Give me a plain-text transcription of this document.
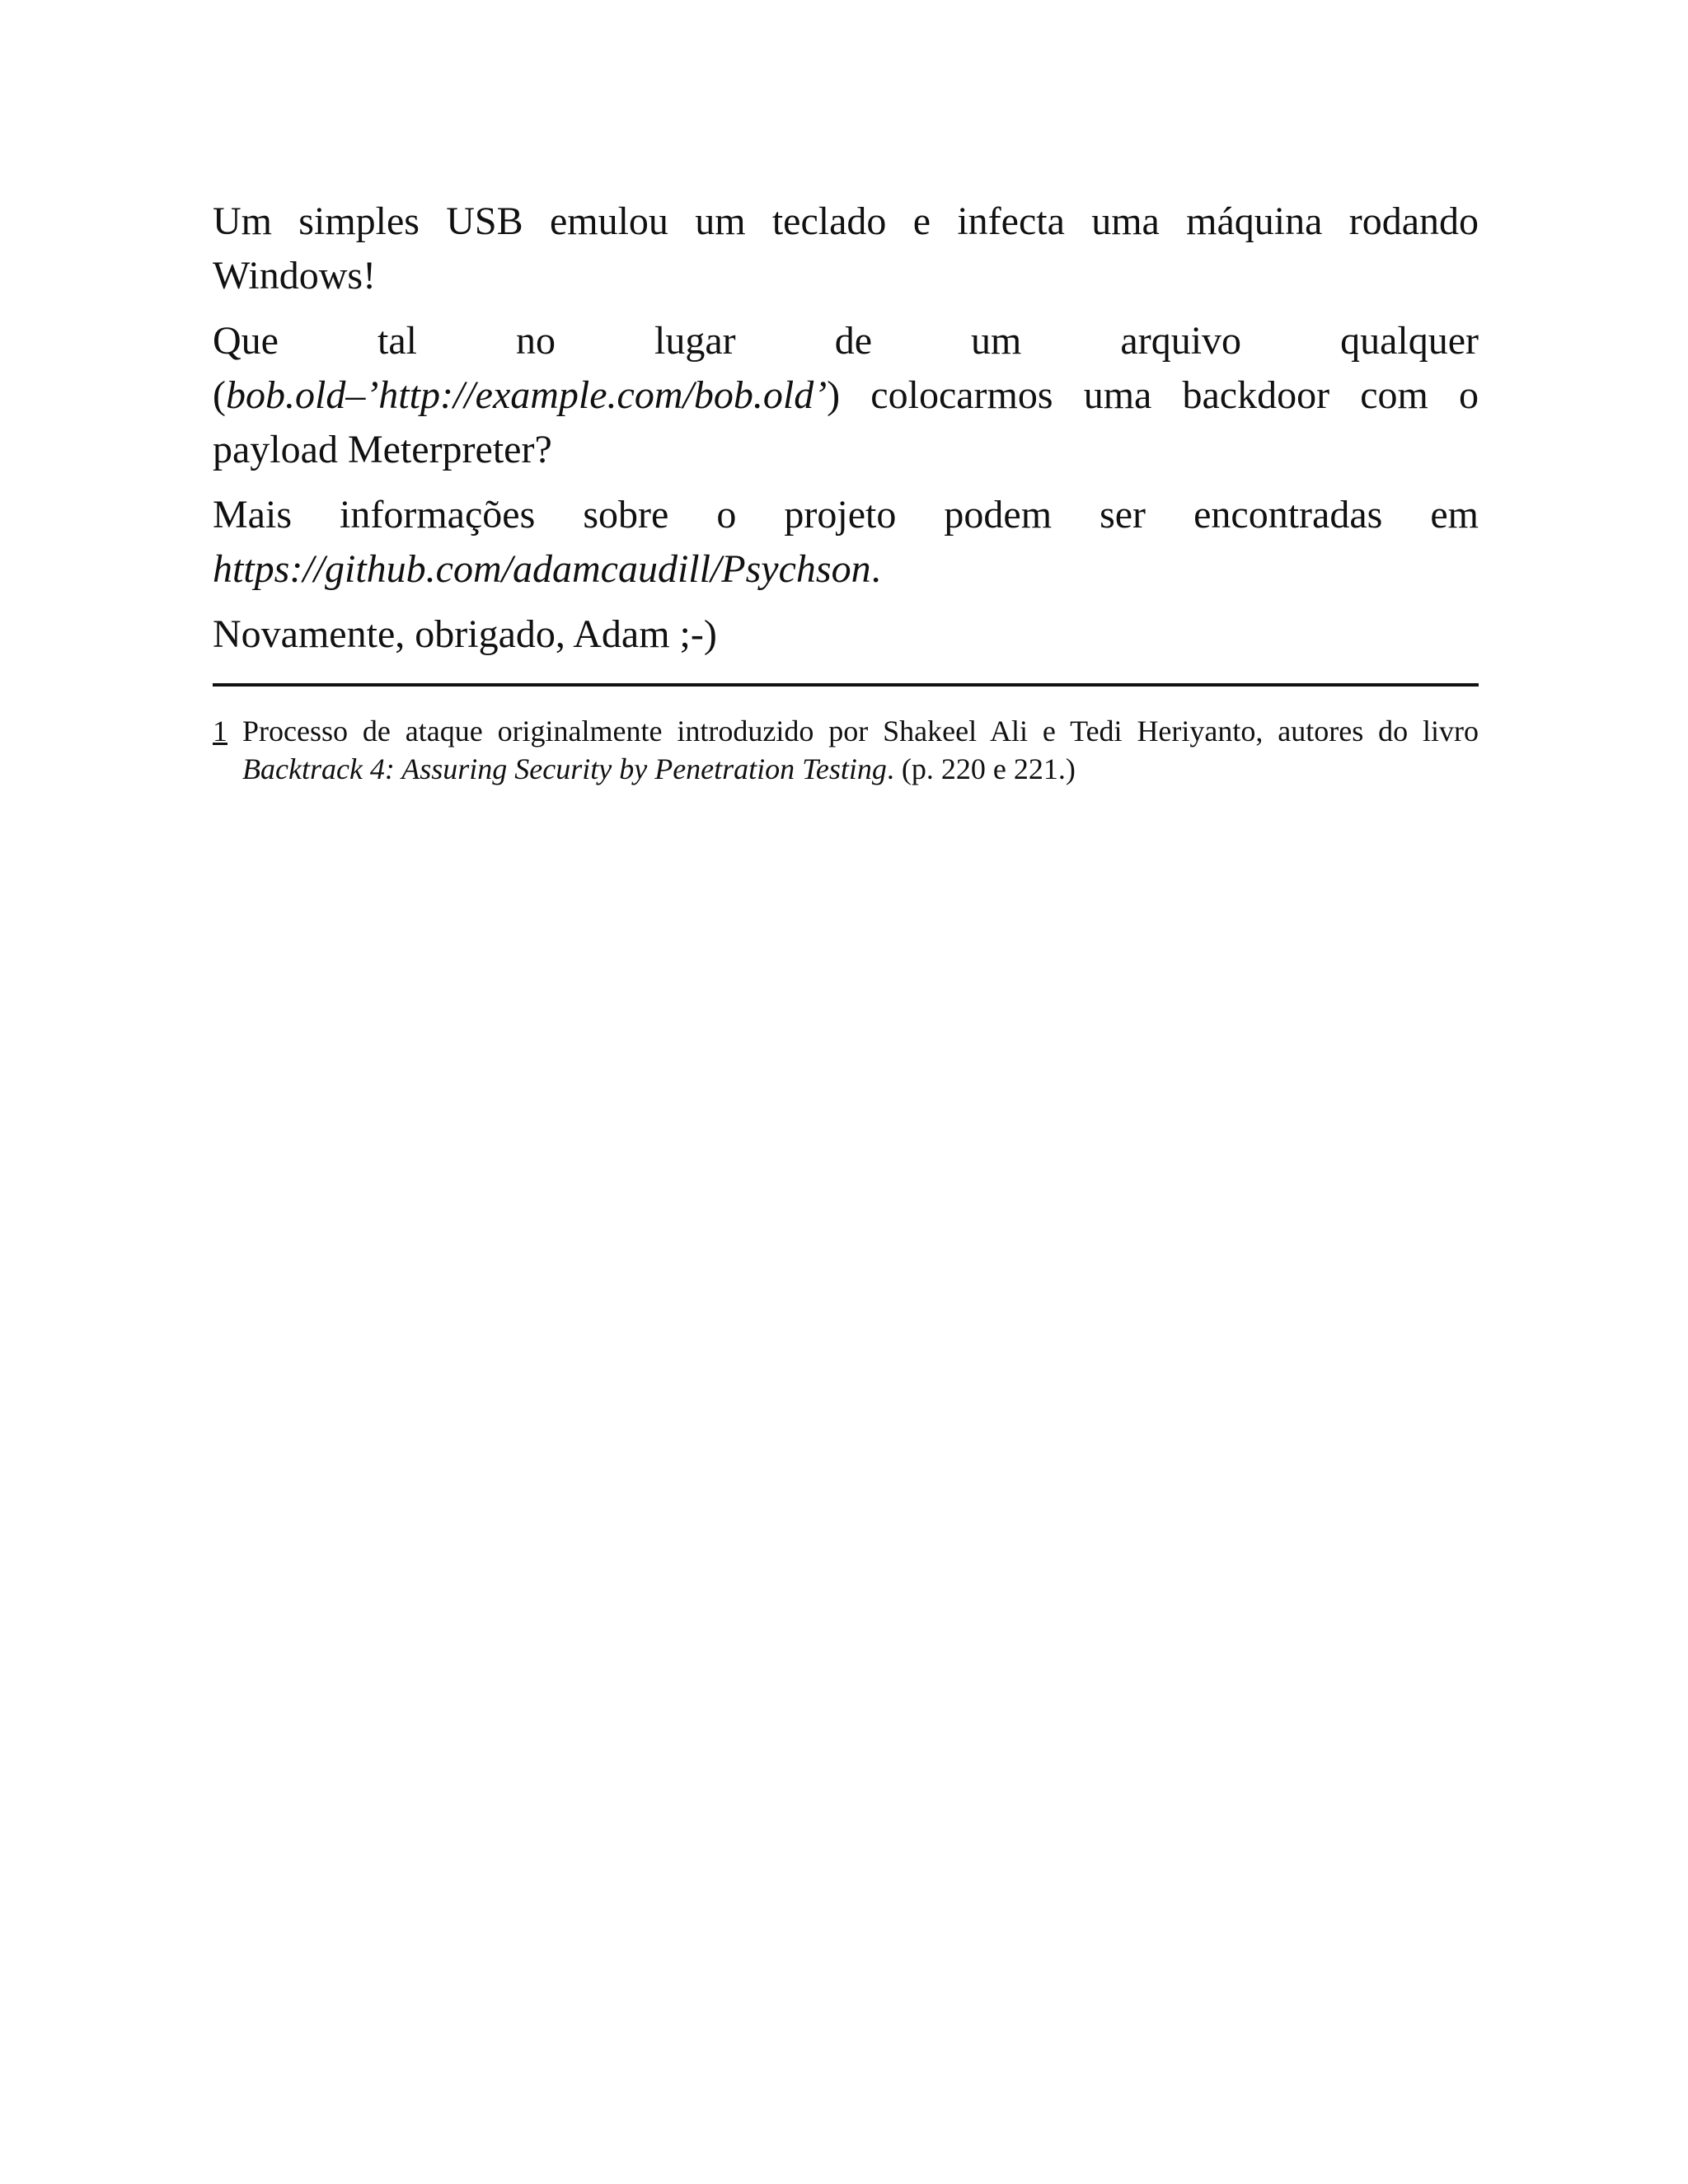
Um simples USB emulou um teclado e infecta uma máquina rodando Windows!

Que tal no lugar de um arquivo qualquer (bob.old–’http://example.com/bob.old’) colocarmos uma backdoor com o payload Meterpreter?

Mais informações sobre o projeto podem ser encontradas em https://github.com/adamcaudill/Psychson.

Novamente, obrigado, Adam ;-)

1 Processo de ataque originalmente introduzido por Shakeel Ali e Tedi Heriyanto, autores do livro Backtrack 4: Assuring Security by Penetration Testing. (p. 220 e 221.)
